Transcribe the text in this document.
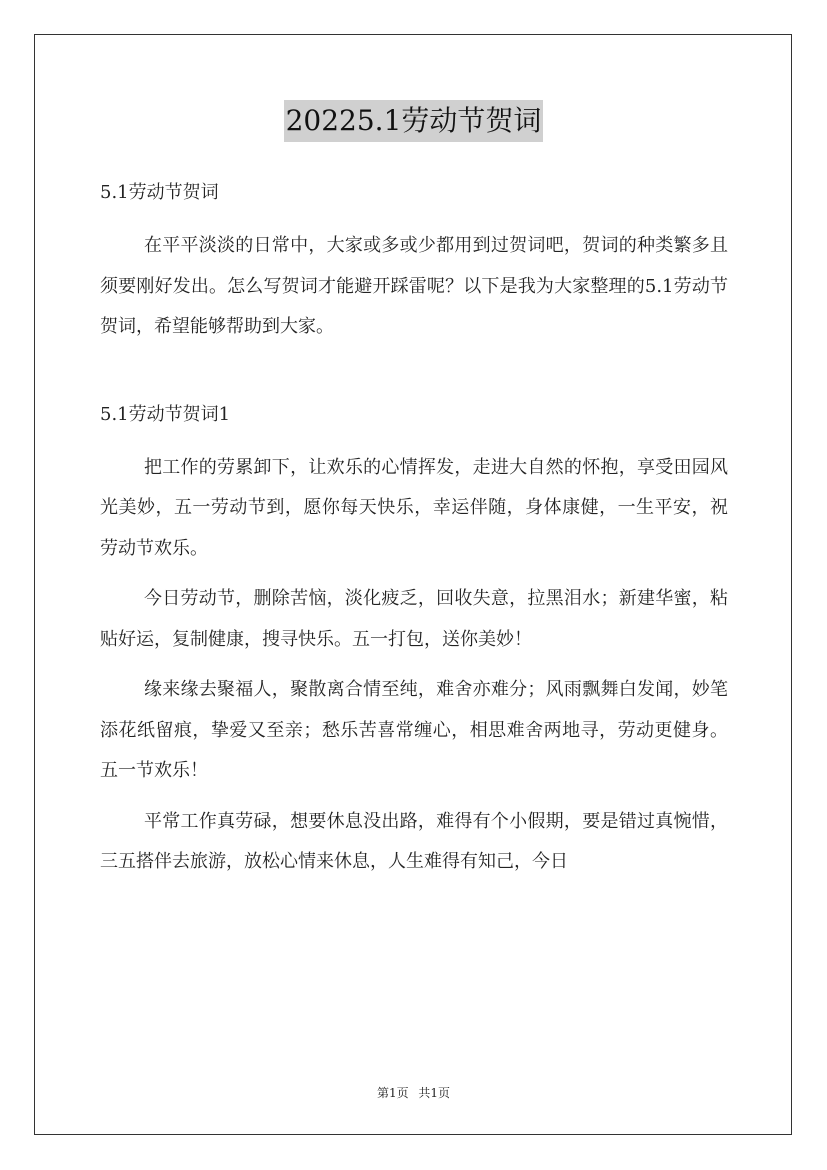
20225.1劳动节贺词

5.1劳动节贺词

在平平淡淡的日常中，大家或多或少都用到过贺词吧，贺词的种类繁多且须要刚好发出。怎么写贺词才能避开踩雷呢？以下是我为大家整理的5.1劳动节贺词，希望能够帮助到大家。

5.1劳动节贺词1

把工作的劳累卸下，让欢乐的心情挥发，走进大自然的怀抱，享受田园风光美妙，五一劳动节到，愿你每天快乐，幸运伴随，身体康健，一生平安，祝劳动节欢乐。

今日劳动节，删除苦恼，淡化疲乏，回收失意，拉黑泪水；新建华蜜，粘贴好运，复制健康，搜寻快乐。五一打包，送你美妙！

缘来缘去聚福人，聚散离合情至纯，难舍亦难分；风雨飘舞白发闻，妙笔添花纸留痕，挚爱又至亲；愁乐苦喜常缠心，相思难舍两地寻，劳动更健身。五一节欢乐！

平常工作真劳碌，想要休息没出路，难得有个小假期，要是错过真惋惜，三五搭伴去旅游，放松心情来休息，人生难得有知己，今日

第1页 共1页
